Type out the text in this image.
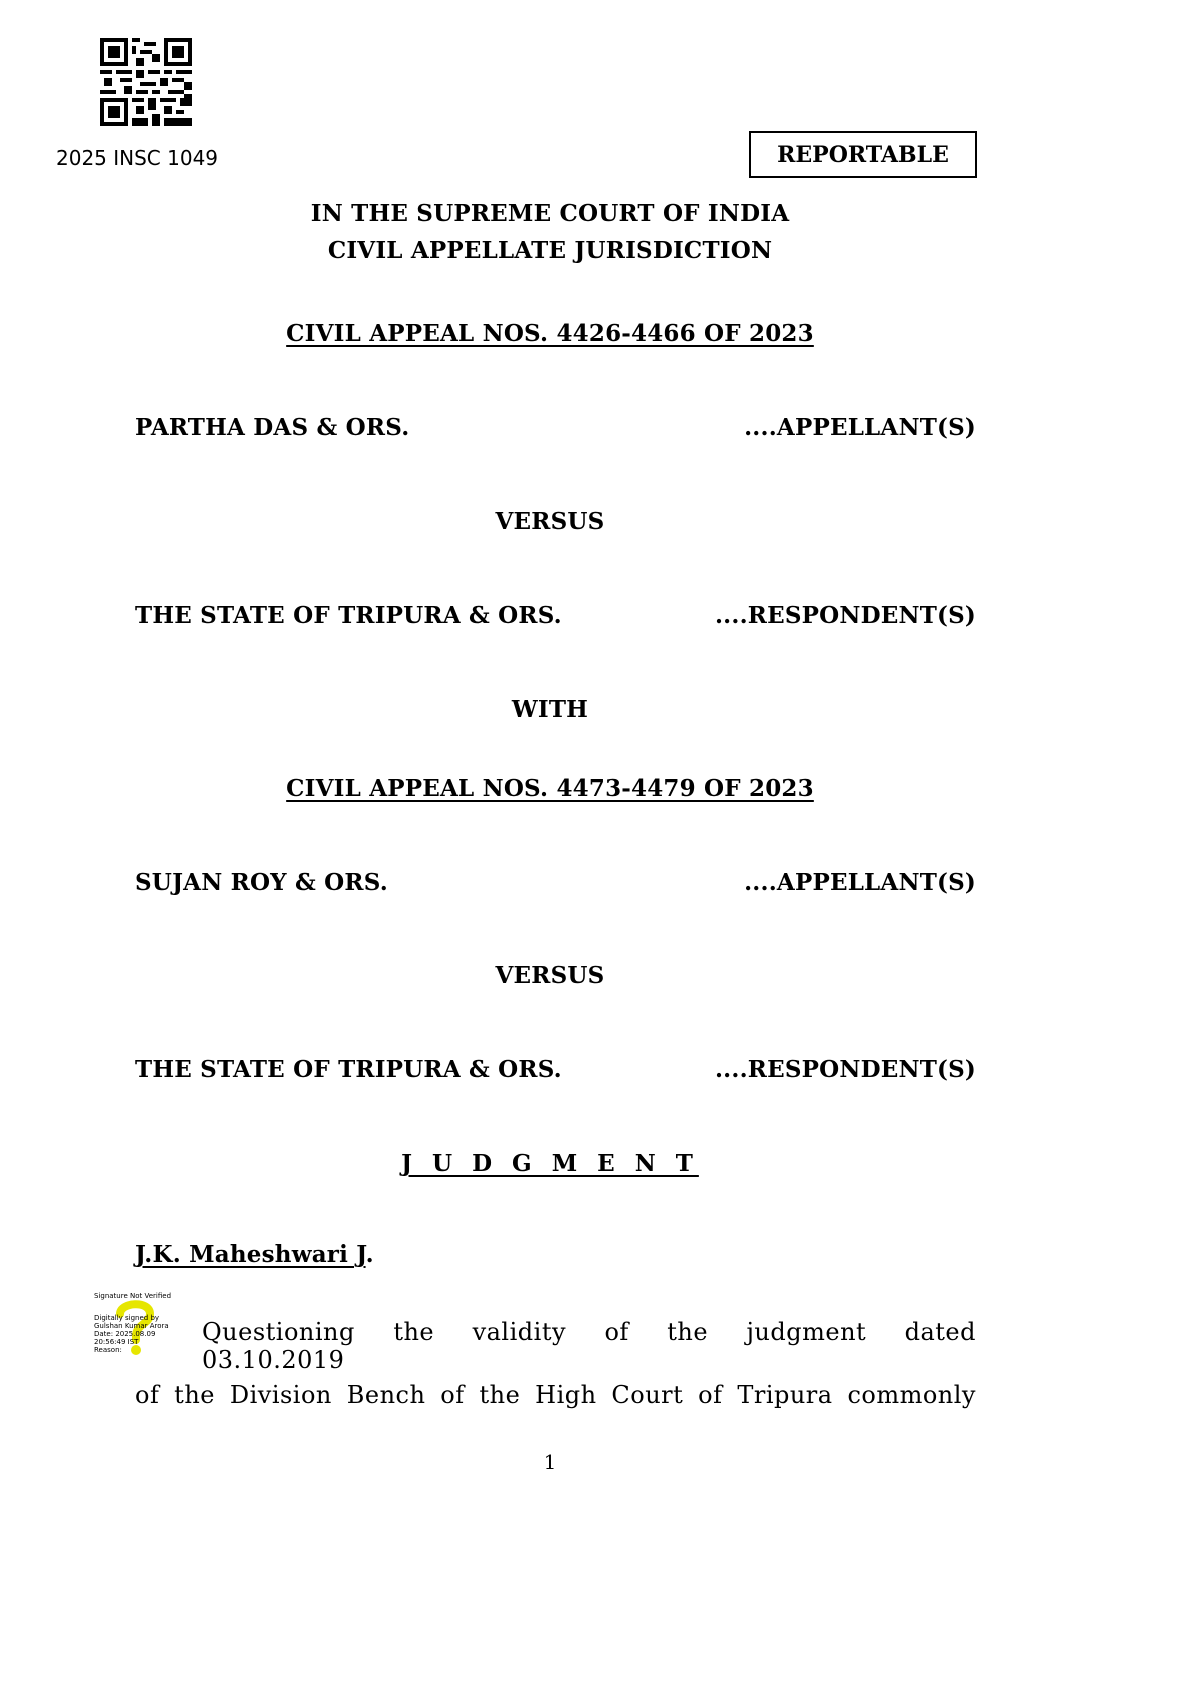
2025 INSC 1049	REPORTABLE
IN THE SUPREME COURT OF INDIA
CIVIL APPELLATE JURISDICTION
CIVIL APPEAL NOS. 4426-4466 OF 2023
PARTHA DAS & ORS.	....APPELLANT(S)
VERSUS
THE STATE OF TRIPURA & ORS.	....RESPONDENT(S)
WITH
CIVIL APPEAL NOS. 4473-4479 OF 2023
SUJAN ROY & ORS.	....APPELLANT(S)
VERSUS
THE STATE OF TRIPURA & ORS.	....RESPONDENT(S)
J U D G M E N T
J.K. Maheshwari J.
Signature Not Verified
Digitally signed by
Gulshan Kumar Arora
Date: 2025.08.09
20:56:49 IST
Reason:
Questioning the validity of the judgment dated 03.10.2019
of the Division Bench of the High Court of Tripura commonly
1
